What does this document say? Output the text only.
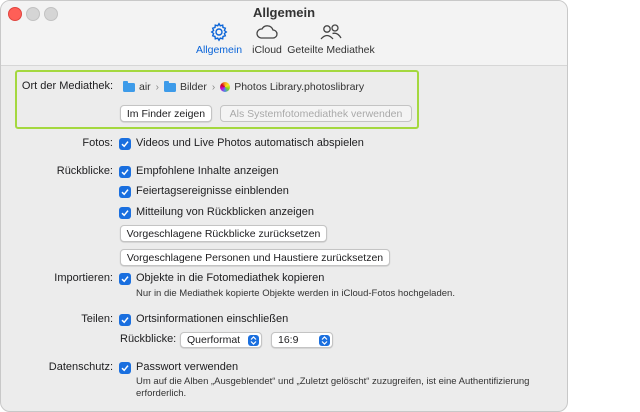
Allgemein
Allgemein iCloud Geteilte Mediathek
Ort der Mediathek: air › Bilder › Photos Library.photoslibrary
Im Finder zeigen	Als Systemfotomediathek verwenden
Fotos: Videos und Live Photos automatisch abspielen
Rückblicke: Empfohlene Inhalte anzeigen
Feiertagsereignisse einblenden
Mitteilung von Rückblicken anzeigen
Vorgeschlagene Rückblicke zurücksetzen
Vorgeschlagene Personen und Haustiere zurücksetzen
Importieren: Objekte in die Fotomediathek kopieren
Nur in die Mediathek kopierte Objekte werden in iCloud-Fotos hochgeladen.
Teilen: Ortsinformationen einschließen
Rückblicke:	Querformat	16:9
Datenschutz: Passwort verwenden
Um auf die Alben „Ausgeblendet“ und „Zuletzt gelöscht“ zuzugreifen, ist eine Authentifizierung erforderlich.
